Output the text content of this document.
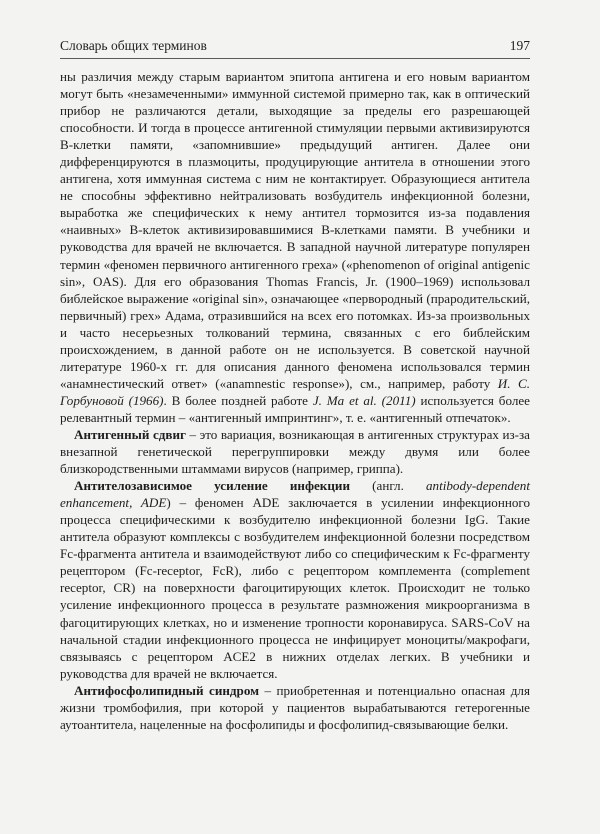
Словарь общих терминов	197

ны различия между старым вариантом эпитопа антигена и его новым вариантом могут быть «незамеченными» иммунной системой примерно так, как в оптический прибор не различаются детали, выходящие за пределы его разрешающей способности. И тогда в процессе антигенной стимуляции первыми активизируются В-клетки памяти, «запомнившие» предыдущий антиген. Далее они дифференцируются в плазмоциты, продуцирующие антитела в отношении этого антигена, хотя иммунная система с ним не контактирует. Образующиеся антитела не способны эффективно нейтрализовать возбудитель инфекционной болезни, выработка же специфических к нему антител тормозится из-за подавления «наивных» В-клеток активизировавшимися В-клетками памяти. В учебники и руководства для врачей не включается. В западной научной литературе популярен термин «феномен первичного антигенного греха» («phenomenon of original antigenic sin», OAS). Для его образования Thomas Francis, Jr. (1900–1969) использовал библейское выражение «original sin», означающее «первородный (прародительский, первичный) грех» Адама, отразившийся на всех его потомках. Из-за произвольных и часто несерьезных толкований термина, связанных с его библейским происхождением, в данной работе он не используется. В советской научной литературе 1960-х гг. для описания данного феномена использовался термин «анамнестический ответ» («anamnestic response»), см., например, работу И. С. Горбуновой (1966). В более поздней работе J. Ma et al. (2011) используется более релевантный термин – «антигенный импринтинг», т. е. «антигенный отпечаток».

Антигенный сдвиг – это вариация, возникающая в антигенных структурах из-за внезапной генетической перегруппировки между двумя или более близкородственными штаммами вирусов (например, гриппа).

Антителозависимое усиление инфекции (англ. antibody-dependent enhancement, ADE) – феномен ADE заключается в усилении инфекционного процесса специфическими к возбудителю инфекционной болезни IgG. Такие антитела образуют комплексы с возбудителем инфекционной болезни посредством Fc-фрагмента антитела и взаимодействуют либо со специфическим к Fc-фрагменту рецептором (Fc-receptor, FcR), либо с рецептором комплемента (complement receptor, CR) на поверхности фагоцитирующих клеток. Происходит не только усиление инфекционного процесса в результате размножения микроорганизма в фагоцитирующих клетках, но и изменение тропности коронавируса. SARS-CoV на начальной стадии инфекционного процесса не инфицирует моноциты/макрофаги, связываясь с рецептором ACE2 в нижних отделах легких. В учебники и руководства для врачей не включается.

Антифосфолипидный синдром – приобретенная и потенциально опасная для жизни тромбофилия, при которой у пациентов вырабатываются гетерогенные аутоантитела, нацеленные на фосфолипиды и фосфолипид-связывающие белки.
